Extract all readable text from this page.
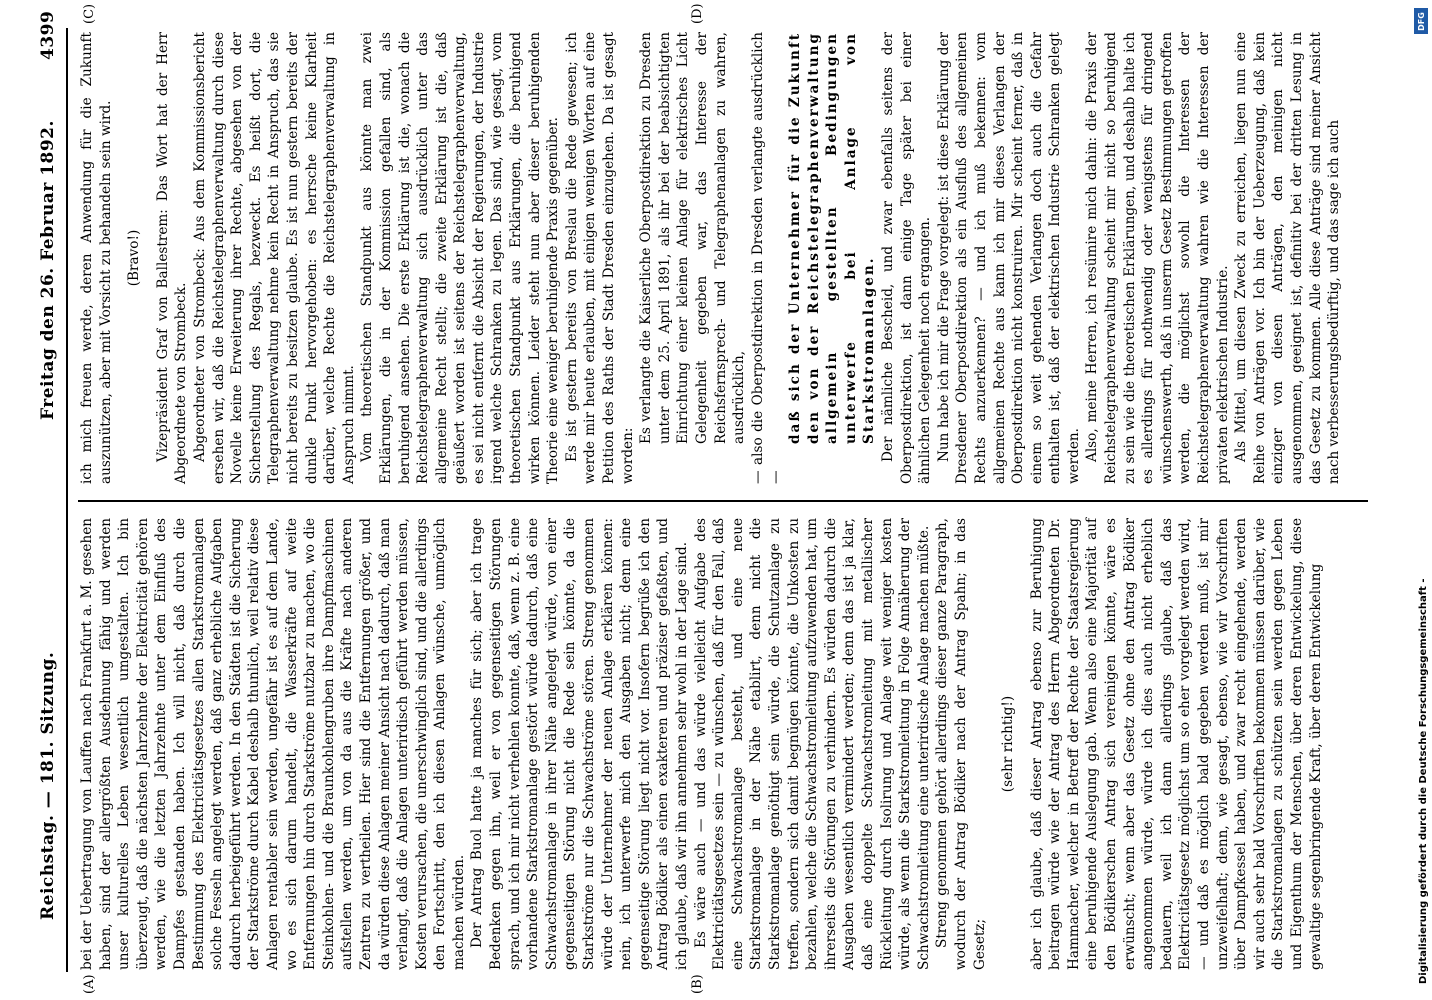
Reichstag. — 181. Sitzung.
Freitag den 26. Februar 1892.
4399
(A)	(B)
(C)	(D)

bei der Uebertragung von Lauffen nach Frankfurt a. M. gesehen haben, sind der allergrößten Ausdehnung fähig und werden unser kulturelles Leben wesentlich umgestalten. Ich bin überzeugt, daß die nächsten Jahrzehnte der Elektricität gehören werden, wie die letzten Jahrzehnte unter dem Einfluß des Dampfes gestanden haben. Ich will nicht, daß durch die Bestimmung des Elektricitätsgesetzes allen Starkstromanlagen solche Fesseln angelegt werden, daß ganz erhebliche Aufgaben dadurch herbeigeführt werden. In den Städten ist die Sicherung der Starkströme durch Kabel deshalb thunlich, weil relativ diese Anlagen rentabler sein werden, ungefähr ist es auf dem Lande, wo es sich darum handelt, die Wasserkräfte auf weite Entfernungen hin durch Starkströme nutzbar zu machen, wo die Steinkohlen- und die Braunkohlengruben ihre Dampfmaschinen aufstellen werden, um von da aus die Kräfte nach anderen Zentren zu vertheilen. Hier sind die Entfernungen größer, und da würden diese Anlagen meiner Ansicht nach dadurch, daß man verlangt, daß die Anlagen unterirdisch geführt werden müssen, Kosten verursachen, die unerschwinglich sind, und die allerdings den Fortschritt, den ich diesen Anlagen wünsche, unmöglich machen würden. Der Antrag Buol hatte ja manches für sich; aber ich trage Bedenken gegen ihn, weil er von gegenseitigen Störungen sprach, und ich mir nicht verhehlen konnte, daß, wenn z. B. eine vorhandene Starkstromanlage gestört würde dadurch, daß eine Schwachstromanlage in ihrer Nähe angelegt würde, von einer gegenseitigen Störung nicht die Rede sein könnte, da die Starkströme nur die Schwachströme stören. Streng genommen würde der Unternehmer der neuen Anlage erklären können: nein, ich unterwerfe mich den Ausgaben nicht; denn eine gegenseitige Störung liegt nicht vor. Insofern begrüße ich den Antrag Bödiker als einen exakteren und präziser gefaßten, und ich glaube, daß wir ihn annehmen sehr wohl in der Lage sind. Es wäre auch — und das würde vielleicht Aufgabe des Elektricitätsgesetzes sein — zu wünschen, daß für den Fall, daß eine Schwachstromanlage besteht, und eine neue Starkstromanlage in der Nähe etablirt, denn nicht die Starkstromanlage genöthigt sein würde, die Schutzanlage zu treffen, sondern sich damit begnügen könnte, die Unkosten zu bezahlen, welche die Schwachstromleitung aufzuwenden hat, um ihrerseits die Störungen zu verhindern. Es würden dadurch die Ausgaben wesentlich vermindert werden; denn das ist ja klar, daß eine doppelte Schwachstromleitung mit metallischer Rückleitung durch Isolirung und Anlage weit weniger kosten würde, als wenn die Starkstromleitung in Folge Annäherung der Schwachstromleitung eine unterirdische Anlage machen müßte. Streng genommen gehört allerdings dieser ganze Paragraph, wodurch der Antrag Bödiker nach der Antrag Spahn; in das Gesetz;

(sehr richtig!) aber ich glaube, daß dieser Antrag ebenso zur Beruhigung beitragen würde wie der Antrag des Herrn Abgeordneten Dr. Hammacher, welcher in Betreff der Rechte der Staatsregierung eine beruhigende Auslegung gab. Wenn also eine Majorität auf den Bödikerschen Antrag sich vereinigen könnte, wäre es erwünscht; wenn aber das Gesetz ohne den Antrag Bödiker angenommen würde, würde ich dies auch nicht erheblich bedauern, weil ich dann allerdings glaube, daß das Elektricitätsgesetz möglichst um so eher vorgelegt werden wird, — und daß es möglich bald gegeben werden muß, ist mir unzweifelhaft; denn, wie gesagt, ebenso, wie wir Vorschriften über Dampfkessel haben, und zwar recht eingehende, werden wir auch sehr bald Vorschriften bekommen müssen darüber, wie die Starkstromanlagen zu schützen sein werden gegen Leben und Eigenthum der Menschen, über deren Entwickelung, diese gewaltige segenbringende Kraft, über deren Entwickelung

ich mich freuen werde, deren Anwendung für die Zukunft auszunützen, aber mit Vorsicht zu behandeln sein wird. (Bravo!) Vizepräsident Graf von Ballestrem: Das Wort hat der Herr Abgeordnete von Strombeck. Abgeordneter von Strombeck: Aus dem Kommissionsbericht ersehen wir, daß die Reichstelegraphenverwaltung durch diese Novelle keine Erweiterung ihrer Rechte, abgesehen von der Sicherstellung des Regals, bezweckt. Es heißt dort, die Telegraphenverwaltung nehme kein Recht in Anspruch, das sie nicht bereits zu besitzen glaube. Es ist nun gestern bereits der dunkle Punkt hervorgehoben: es herrsche keine Klarheit darüber, welche Rechte die Reichstelegraphenverwaltung in Anspruch nimmt. Vom theoretischen Standpunkt aus könnte man zwei Erklärungen, die in der Kommission gefallen sind, als beruhigend ansehen. Die erste Erklärung ist die, wonach die Reichstelegraphenverwaltung sich ausdrücklich unter das allgemeine Recht stellt; die zweite Erklärung ist die, daß geäußert worden ist seitens der Reichstelegraphenverwaltung, es sei nicht entfernt die Absicht der Regierungen, der Industrie irgend welche Schranken zu legen. Das sind, wie gesagt, vom theoretischen Standpunkt aus Erklärungen, die beruhigend wirken können. Leider steht nun aber dieser beruhigenden Theorie eine weniger beruhigende Praxis gegenüber. Es ist gestern bereits von Breslau die Rede gewesen; ich werde mir heute erlauben, mit einigen wenigen Worten auf eine Petition des Raths der Stadt Dresden einzugehen. Da ist gesagt worden:

Es verlangte die Kaiserliche Oberpostdirektion zu Dresden unter dem 25. April 1891, als ihr bei der beabsichtigten Einrichtung einer kleinen Anlage für elektrisches Licht Gelegenheit gegeben war, das Interesse der Reichsfernsprech- und Telegraphenanlagen zu wahren, ausdrücklich, — also die Oberpostdirektion in Dresden verlangte ausdrücklich —

daß sich der Unternehmer für die Zukunft den von der Reichstelegraphenverwaltung allgemein gestellten Bedingungen unterwerfe bei Anlage von Starkstromanlagen. Der nämliche Bescheid, und zwar ebenfalls seitens der Oberpostdirektion, ist dann einige Tage später bei einer ähnlichen Gelegenheit noch ergangen. Nun habe ich mir die Frage vorgelegt: ist diese Erklärung der Dresdener Oberpostdirektion als ein Ausfluß des allgemeinen Rechts anzuerkennen? — und ich muß bekennen: vom allgemeinen Rechte aus kann ich mir dieses Verlangen der Oberpostdirektion nicht konstruiren. Mir scheint ferner, daß in einem so weit gehenden Verlangen doch auch die Gefahr enthalten ist, daß der elektrischen Industrie Schranken gelegt werden. Also, meine Herren, ich resümire mich dahin: die Praxis der Reichstelegraphenverwaltung scheint mir nicht so beruhigend zu sein wie die theoretischen Erklärungen, und deshalb halte ich es allerdings für nothwendig oder wenigstens für dringend wünschenswerth, daß in unserm Gesetz Bestimmungen getroffen werden, die möglichst sowohl die Interessen der Reichstelegraphenverwaltung wahren wie die Interessen der privaten elektrischen Industrie. Als Mittel, um diesen Zweck zu erreichen, liegen nun eine Reihe von Anträgen vor. Ich bin der Ueberzeugung, daß kein einziger von diesen Anträgen, den meinigen nicht ausgenommen, geeignet ist, definitiv bei der dritten Lesung in das Gesetz zu kommen. Alle diese Anträge sind meiner Ansicht nach verbesserungsbedürftig, und das sage ich auch

Digitalisierung gefördert durch die Deutsche Forschungsgemeinschaft -
DFG
